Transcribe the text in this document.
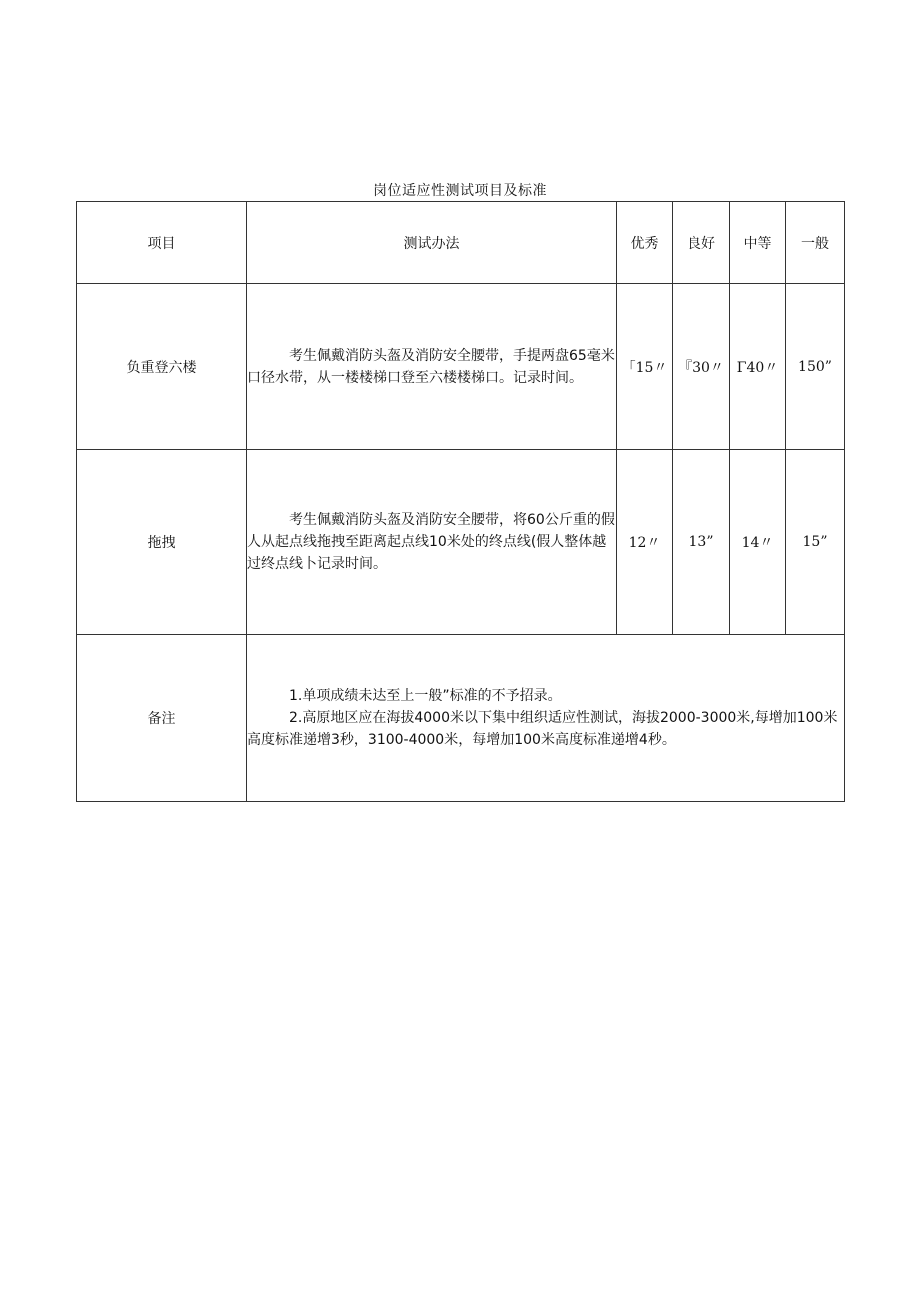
岗位适应性测试项目及标准
项目	测试办法	优秀	良好	中等	一般
负重登六楼	考生佩戴消防头盔及消防安全腰带，手提两盘65毫米口径水带，从一楼楼梯口登至六楼楼梯口。记录时间。	「15〃	『30〃	Γ40〃	150”
拖拽	考生佩戴消防头盔及消防安全腰带，将60公斤重的假人从起点线拖拽至距离起点线10米处的终点线(假人整体越过终点线卜记录时间。	12〃	13”	14〃	15”
备注	1.单项成绩未达至上一般”标准的不予招录。

2.高原地区应在海拔4000米以下集中组织适应性测试，海拔2000-3000米,每增加100米高度标准递增3秒，3100-4000米，每增加100米高度标准递增4秒。				
